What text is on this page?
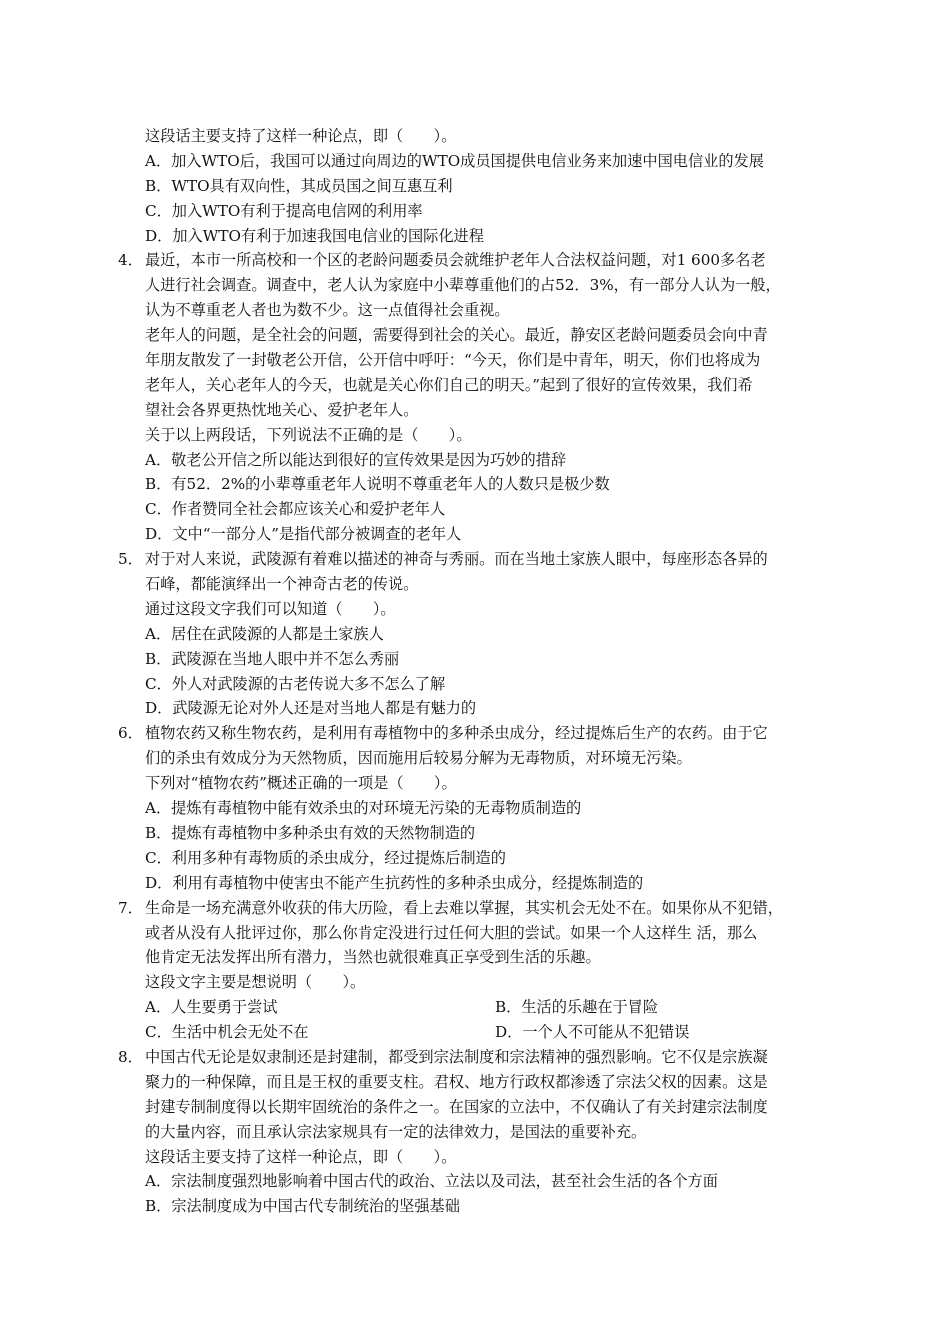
这段话主要支持了这样一种论点，即（　　）。
A．加入WTO后，我国可以通过向周边的WTO成员国提供电信业务来加速中国电信业的发展
B．WTO具有双向性，其成员国之间互惠互利
C．加入WTO有利于提高电信网的利用率
D．加入WTO有利于加速我国电信业的国际化进程
4． 最近，本市一所高校和一个区的老龄问题委员会就维护老年人合法权益问题，对1 600多名老
人进行社会调查。调查中，老人认为家庭中小辈尊重他们的占52．3%，有一部分人认为一般，
认为不尊重老人者也为数不少。这一点值得社会重视。
老年人的问题，是全社会的问题，需要得到社会的关心。最近，静安区老龄问题委员会向中青
年朋友散发了一封敬老公开信，公开信中呼吁：“今天，你们是中青年，明天，你们也将成为
老年人，关心老年人的今天，也就是关心你们自己的明天。”起到了很好的宣传效果，我们希
望社会各界更热忱地关心、爱护老年人。
关于以上两段话，下列说法不正确的是（　　）。
A．敬老公开信之所以能达到很好的宣传效果是因为巧妙的措辞
B．有52．2%的小辈尊重老年人说明不尊重老年人的人数只是极少数
C．作者赞同全社会都应该关心和爱护老年人
D．文中“一部分人”是指代部分被调查的老年人
5． 对于对人来说，武陵源有着难以描述的神奇与秀丽。而在当地土家族人眼中，每座形态各异的
石峰，都能演绎出一个神奇古老的传说。
通过这段文字我们可以知道（　　）。
A．居住在武陵源的人都是土家族人
B．武陵源在当地人眼中并不怎么秀丽
C．外人对武陵源的古老传说大多不怎么了解
D．武陵源无论对外人还是对当地人都是有魅力的
6． 植物农药又称生物农药，是利用有毒植物中的多种杀虫成分，经过提炼后生产的农药。由于它
们的杀虫有效成分为天然物质，因而施用后较易分解为无毒物质，对环境无污染。
下列对“植物农药”概述正确的一项是（　　）。
A．提炼有毒植物中能有效杀虫的对环境无污染的无毒物质制造的
B．提炼有毒植物中多种杀虫有效的天然物制造的
C．利用多种有毒物质的杀虫成分，经过提炼后制造的
D．利用有毒植物中使害虫不能产生抗药性的多种杀虫成分，经提炼制造的
7． 生命是一场充满意外收获的伟大历险，看上去难以掌握，其实机会无处不在。如果你从不犯错，
或者从没有人批评过你，那么你肯定没进行过任何大胆的尝试。如果一个人这样生 活，那么
他肯定无法发挥出所有潜力，当然也就很难真正享受到生活的乐趣。
这段文字主要是想说明（　　）。
A．人生要勇于尝试	B．生活的乐趣在于冒险
C．生活中机会无处不在	D．一个人不可能从不犯错误
8． 中国古代无论是奴隶制还是封建制，都受到宗法制度和宗法精神的强烈影响。它不仅是宗族凝
聚力的一种保障，而且是王权的重要支柱。君权、地方行政权都渗透了宗法父权的因素。这是
封建专制制度得以长期牢固统治的条件之一。在国家的立法中，不仅确认了有关封建宗法制度
的大量内容，而且承认宗法家规具有一定的法律效力，是国法的重要补充。
这段话主要支持了这样一种论点，即（　　）。
A．宗法制度强烈地影响着中国古代的政治、立法以及司法，甚至社会生活的各个方面
B．宗法制度成为中国古代专制统治的坚强基础
